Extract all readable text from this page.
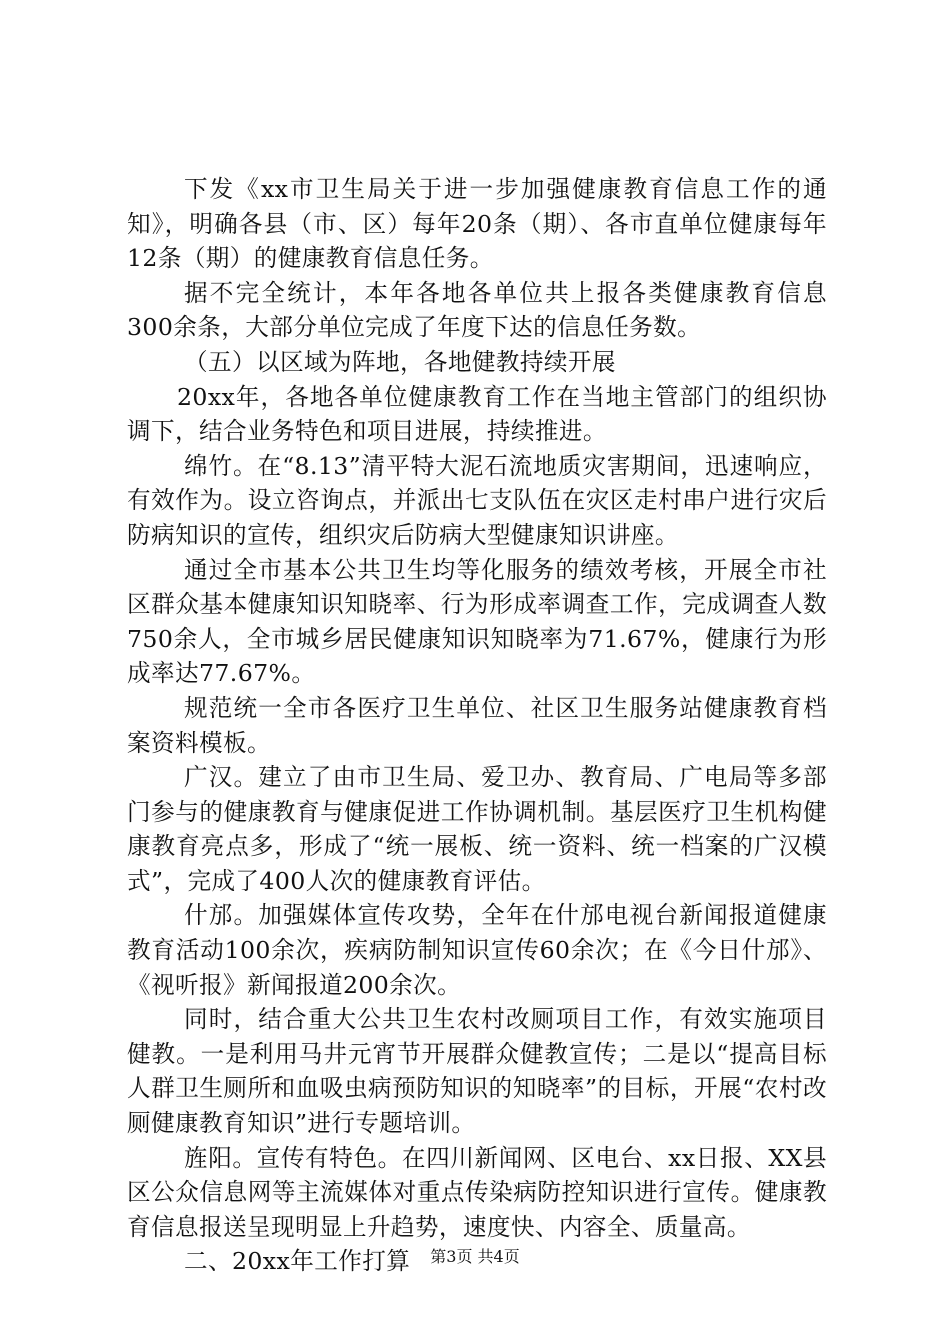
下发《xx市卫生局关于进一步加强健康教育信息工作的通知》，明确各县（市、区）每年20条（期）、各市直单位健康每年12条（期）的健康教育信息任务。

据不完全统计，本年各地各单位共上报各类健康教育信息300余条，大部分单位完成了年度下达的信息任务数。

（五）以区域为阵地，各地健教持续开展

20xx年，各地各单位健康教育工作在当地主管部门的组织协调下，结合业务特色和项目进展，持续推进。

绵竹。在“8.13”清平特大泥石流地质灾害期间，迅速响应，有效作为。设立咨询点，并派出七支队伍在灾区走村串户进行灾后防病知识的宣传，组织灾后防病大型健康知识讲座。

通过全市基本公共卫生均等化服务的绩效考核，开展全市社区群众基本健康知识知晓率、行为形成率调查工作，完成调查人数750余人，全市城乡居民健康知识知晓率为71.67%，健康行为形成率达77.67%。

规范统一全市各医疗卫生单位、社区卫生服务站健康教育档案资料模板。

广汉。建立了由市卫生局、爱卫办、教育局、广电局等多部门参与的健康教育与健康促进工作协调机制。基层医疗卫生机构健康教育亮点多，形成了“统一展板、统一资料、统一档案的广汉模式”，完成了400人次的健康教育评估。

什邡。加强媒体宣传攻势，全年在什邡电视台新闻报道健康教育活动100余次，疾病防制知识宣传60余次；在《今日什邡》、《视听报》新闻报道200余次。

同时，结合重大公共卫生农村改厕项目工作，有效实施项目健教。一是利用马井元宵节开展群众健教宣传；二是以“提高目标人群卫生厕所和血吸虫病预防知识的知晓率”的目标，开展“农村改厕健康教育知识”进行专题培训。

旌阳。宣传有特色。在四川新闻网、区电台、xx日报、XX县区公众信息网等主流媒体对重点传染病防控知识进行宣传。健康教育信息报送呈现明显上升趋势，速度快、内容全、质量高。

二、20xx年工作打算	第3页 共4页
